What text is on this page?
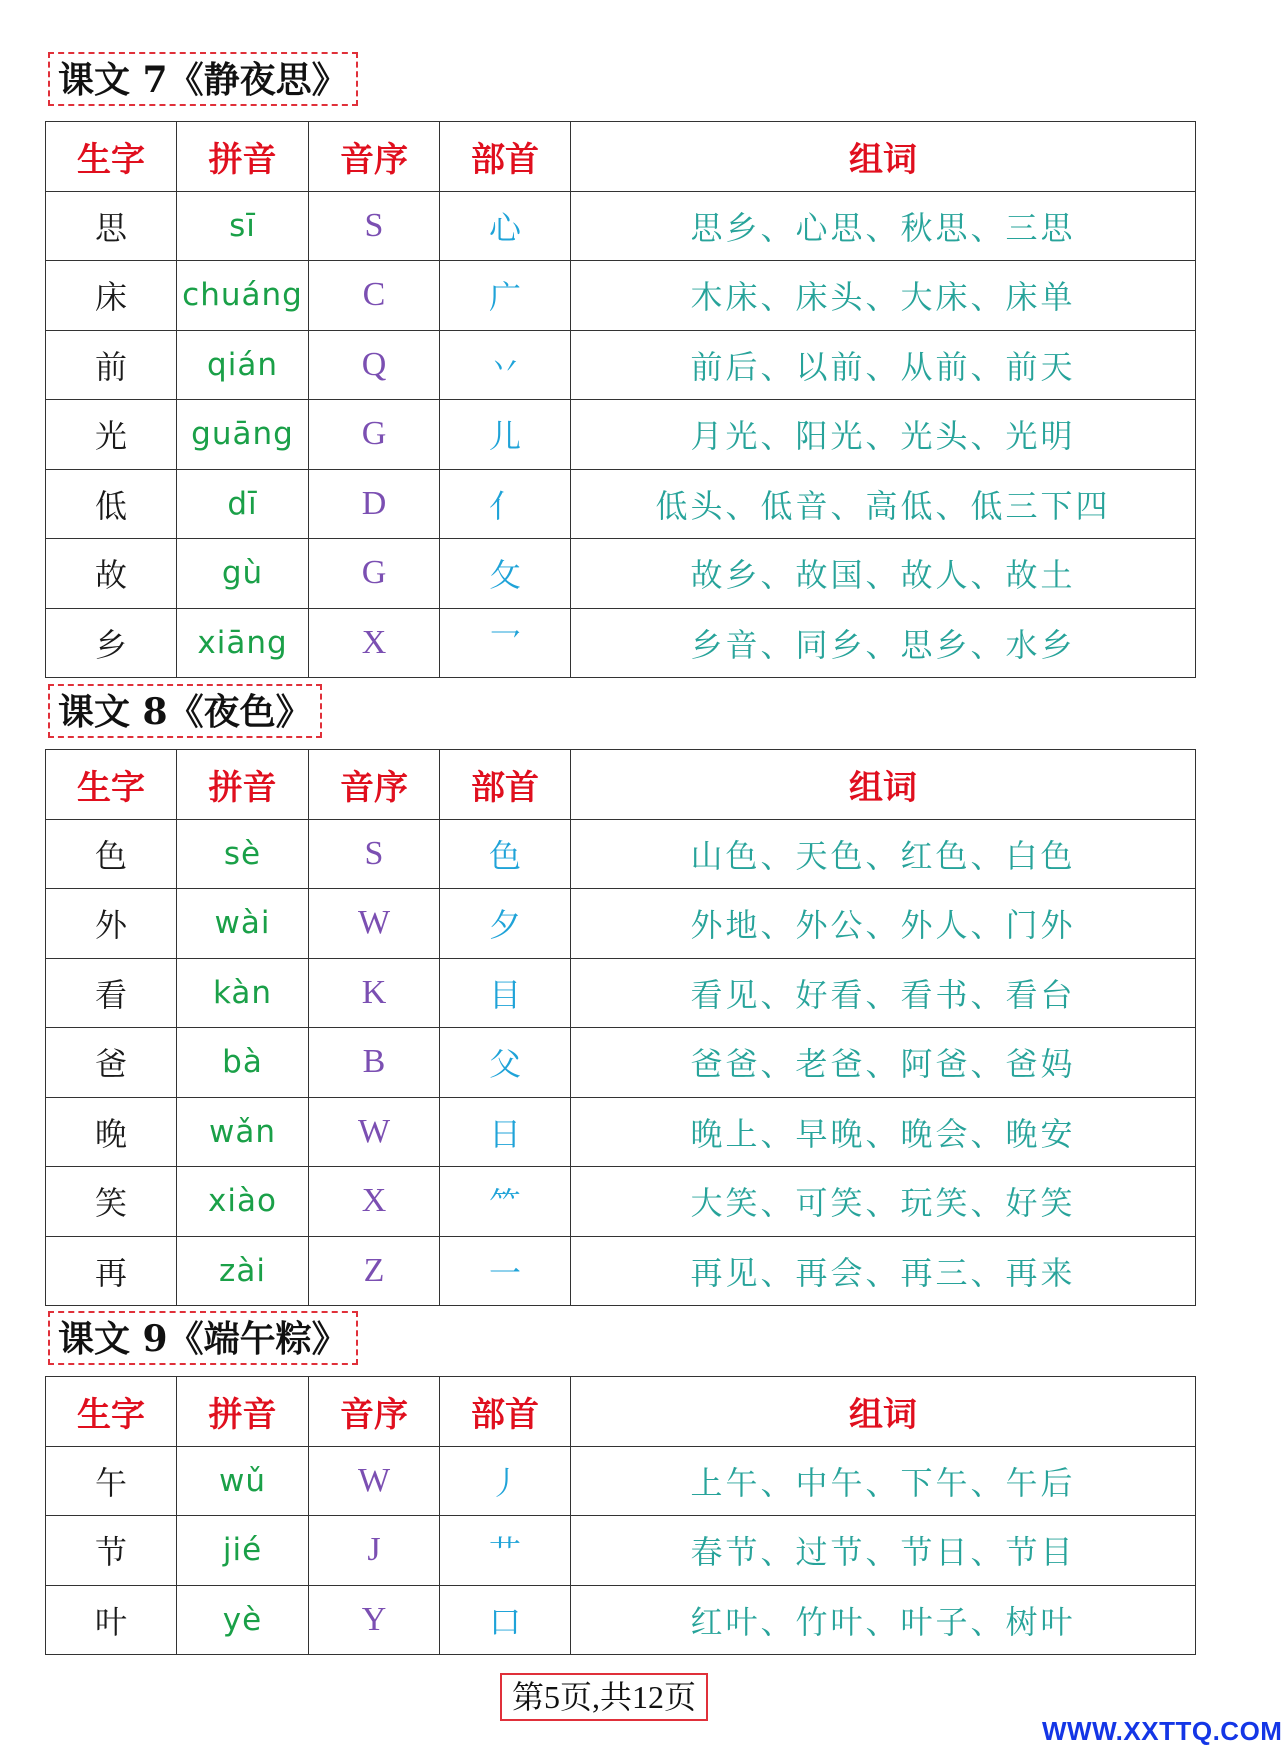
课文 7《静夜思》
生字	拼音	音序	部首	组词
思	sī	S	心	思乡、心思、秋思、三思
床	chuáng	C	广	木床、床头、大床、床单
前	qián	Q	丷	前后、以前、从前、前天
光	guāng	G	儿	月光、阳光、光头、光明
低	dī	D	亻	低头、低音、高低、低三下四
故	gù	G	攵	故乡、故国、故人、故土
乡	xiāng	X	乛	乡音、同乡、思乡、水乡
课文 8《夜色》
生字	拼音	音序	部首	组词
色	sè	S	色	山色、天色、红色、白色
外	wài	W	夕	外地、外公、外人、门外
看	kàn	K	目	看见、好看、看书、看台
爸	bà	B	父	爸爸、老爸、阿爸、爸妈
晚	wǎn	W	日	晚上、早晚、晚会、晚安
笑	xiào	X	⺮	大笑、可笑、玩笑、好笑
再	zài	Z	一	再见、再会、再三、再来
课文 9《端午粽》
生字	拼音	音序	部首	组词
午	wǔ	W	丿	上午、中午、下午、午后
节	jié	J	艹	春节、过节、节日、节目
叶	yè	Y	口	红叶、竹叶、叶子、树叶
第5页,共12页
WWW.XXTTQ.COM
